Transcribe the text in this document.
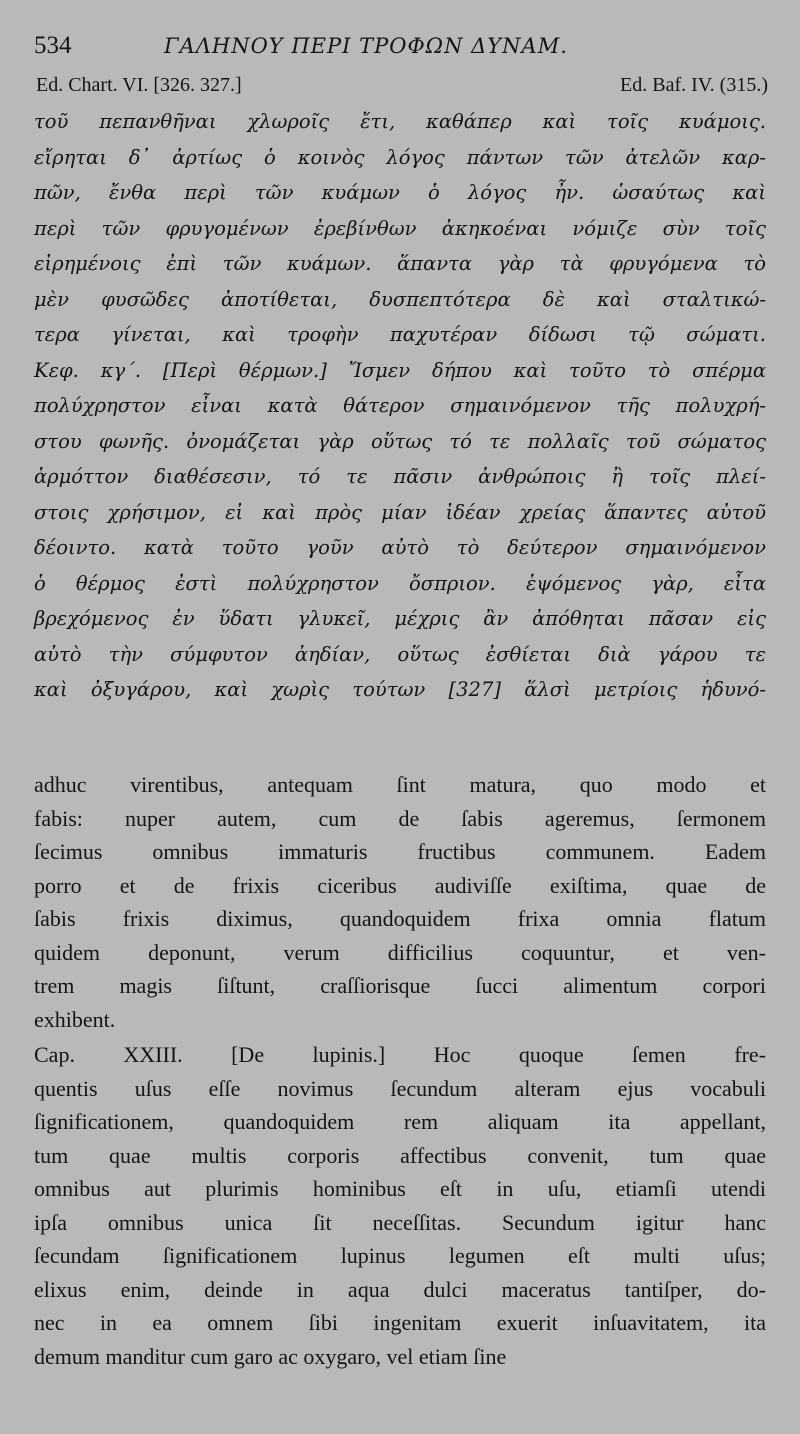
534	ΓΑΛΗΝΟΥ ΠΕΡΙ ΤΡΟΦΩΝ ΔΥΝΑΜ.
Ed. Chart. VI. [326. 327.]	Ed. Baf. IV. (315.)
τοῦ πεπανθῆναι χλωροῖς ἔτι, καθάπερ καὶ τοῖς κυάμοις.
εἴρηται δ᾽ ἀρτίως ὁ κοινὸς λόγος πάντων τῶν ἀτελῶν καρ-
πῶν, ἔνθα περὶ τῶν κυάμων ὁ λόγος ἦν. ὡσαύτως καὶ
περὶ τῶν φρυγομένων ἐρεβίνθων ἀκηκοέναι νόμιζε σὺν τοῖς
εἰρημένοις ἐπὶ τῶν κυάμων. ἅπαντα γὰρ τὰ φρυγόμενα τὸ
μὲν φυσῶδες ἀποτίθεται, δυσπεπτότερα δὲ καὶ σταλτικώ-
τερα γίνεται, καὶ τροφὴν παχυτέραν δίδωσι τῷ σώματι.
Κεφ. κγ΄. [Περὶ θέρμων.] Ἴσμεν δήπου καὶ τοῦτο τὸ σπέρμα
πολύχρηστον εἶναι κατὰ θάτερον σημαινόμενον τῆς πολυχρή-
στου φωνῆς. ὀνομάζεται γὰρ οὕτως τό τε πολλαῖς τοῦ σώματος
ἁρμόττον διαθέσεσιν, τό τε πᾶσιν ἀνθρώποις ἢ τοῖς πλεί-
στοις χρήσιμον, εἰ καὶ πρὸς μίαν ἰδέαν χρείας ἅπαντες αὐτοῦ
δέοιντο. κατὰ τοῦτο γοῦν αὐτὸ τὸ δεύτερον σημαινόμενον
ὁ θέρμος ἐστὶ πολύχρηστον ὄσπριον. ἑψόμενος γὰρ, εἶτα
βρεχόμενος ἐν ὕδατι γλυκεῖ, μέχρις ἂν ἀπόθηται πᾶσαν εἰς
αὐτὸ τὴν σύμφυτον ἀηδίαν, οὕτως ἐσθίεται διὰ γάρου τε
καὶ ὀξυγάρου, καὶ χωρὶς τούτων [327] ἅλσὶ μετρίοις ἡδυνό-
adhuc virentibus, antequam ſint matura, quo modo et
fabis: nuper autem, cum de ſabis ageremus, ſermonem
ſecimus omnibus immaturis fructibus communem. Eadem
porro et de frixis ciceribus audiviſſe exiſtima, quae de
ſabis frixis diximus, quandoquidem frixa omnia flatum
quidem deponunt, verum difficilius coquuntur, et ven-
trem magis ſiſtunt, craſſiorisque ſucci alimentum corpori
exhibent.
Cap. XXIII. [De lupinis.] Hoc quoque ſemen fre-
quentis uſus eſſe novimus ſecundum alteram ejus vocabuli
ſignificationem, quandoquidem rem aliquam ita appellant,
tum quae multis corporis affectibus convenit, tum quae
omnibus aut plurimis hominibus eſt in uſu, etiamſi utendi
ipſa omnibus unica ſit neceſſitas. Secundum igitur hanc
ſecundam ſignificationem lupinus legumen eſt multi uſus;
elixus enim, deinde in aqua dulci maceratus tantiſper, do-
nec in ea omnem ſibi ingenitam exuerit inſuavitatem, ita
demum manditur cum garo ac oxygaro, vel etiam ſine
